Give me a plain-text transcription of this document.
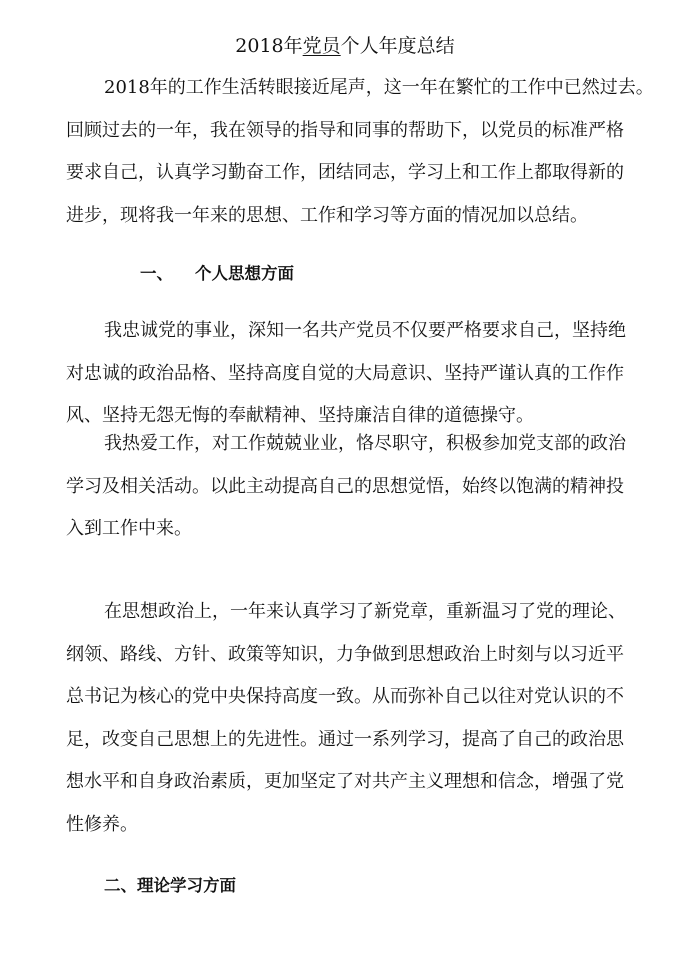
2018年党员个人年度总结
2018年的工作生活转眼接近尾声，这一年在繁忙的工作中已然过去。
回顾过去的一年，我在领导的指导和同事的帮助下，以党员的标准严格
要求自己，认真学习勤奋工作，团结同志，学习上和工作上都取得新的
进步，现将我一年来的思想、工作和学习等方面的情况加以总结。
一、 个人思想方面
我忠诚党的事业，深知一名共产党员不仅要严格要求自己，坚持绝
对忠诚的政治品格、坚持高度自觉的大局意识、坚持严谨认真的工作作
风、坚持无怨无悔的奉献精神、坚持廉洁自律的道德操守。
我热爱工作，对工作兢兢业业，恪尽职守，积极参加党支部的政治
学习及相关活动。以此主动提高自己的思想觉悟，始终以饱满的精神投
入到工作中来。
在思想政治上，一年来认真学习了新党章，重新温习了党的理论、
纲领、路线、方针、政策等知识，力争做到思想政治上时刻与以习近平
总书记为核心的党中央保持高度一致。从而弥补自己以往对党认识的不
足，改变自己思想上的先进性。通过一系列学习，提高了自己的政治思
想水平和自身政治素质，更加坚定了对共产主义理想和信念，增强了党
性修养。
二、理论学习方面
